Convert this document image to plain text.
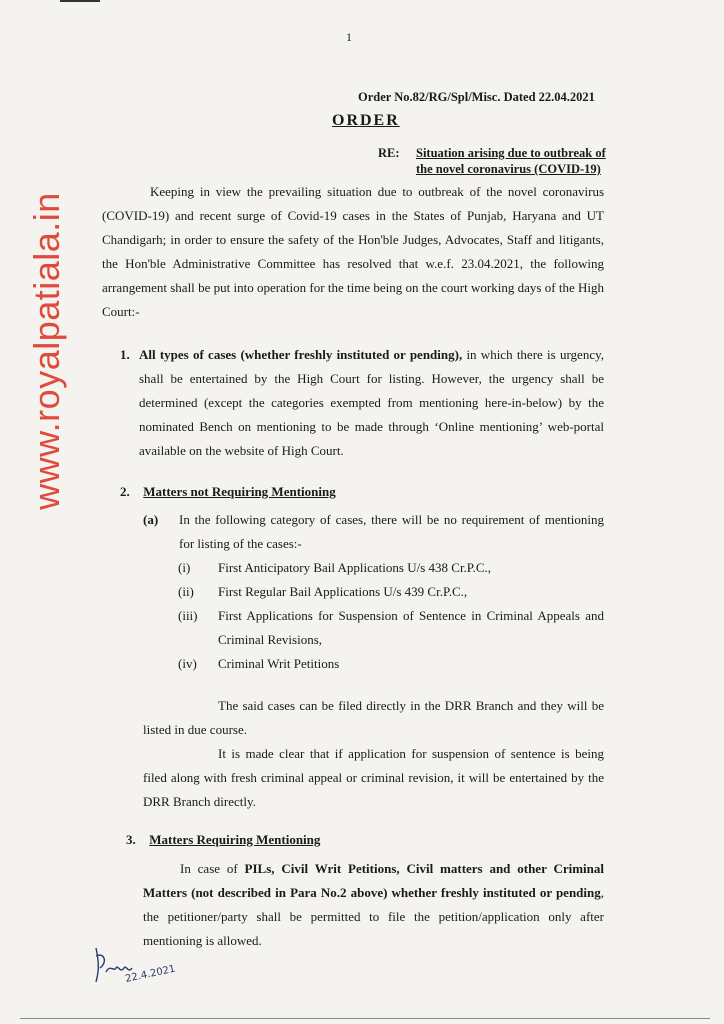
www.royalpatiala.in
1
Order No.82/RG/Spl/Misc. Dated 22.04.2021
ORDER
RE:	Situation arising due to outbreak of the novel coronavirus (COVID-19)
Keeping in view the prevailing situation due to outbreak of the novel coronavirus (COVID-19) and recent surge of Covid-19 cases in the States of Punjab, Haryana and UT Chandigarh; in order to ensure the safety of the Hon'ble Judges, Advocates, Staff and litigants, the Hon'ble Administrative Committee has resolved that w.e.f. 23.04.2021, the following arrangement shall be put into operation for the time being on the court working days of the High Court:-
1. All types of cases (whether freshly instituted or pending), in which there is urgency, shall be entertained by the High Court for listing. However, the urgency shall be determined (except the categories exempted from mentioning here-in-below) by the nominated Bench on mentioning to be made through ‘Online mentioning’ web-portal available on the website of High Court.
2. Matters not Requiring Mentioning
(a) In the following category of cases, there will be no requirement of mentioning for listing of the cases:-
(i) First Anticipatory Bail Applications U/s 438 Cr.P.C.,
(ii) First Regular Bail Applications U/s 439 Cr.P.C.,
(iii) First Applications for Suspension of Sentence in Criminal Appeals and Criminal Revisions,
(iv) Criminal Writ Petitions
The said cases can be filed directly in the DRR Branch and they will be listed in due course.
It is made clear that if application for suspension of sentence is being filed along with fresh criminal appeal or criminal revision, it will be entertained by the DRR Branch directly.
3. Matters Requiring Mentioning
In case of PILs, Civil Writ Petitions, Civil matters and other Criminal Matters (not described in Para No.2 above) whether freshly instituted or pending, the petitioner/party shall be permitted to file the petition/application only after mentioning is allowed.
22.4.2021
